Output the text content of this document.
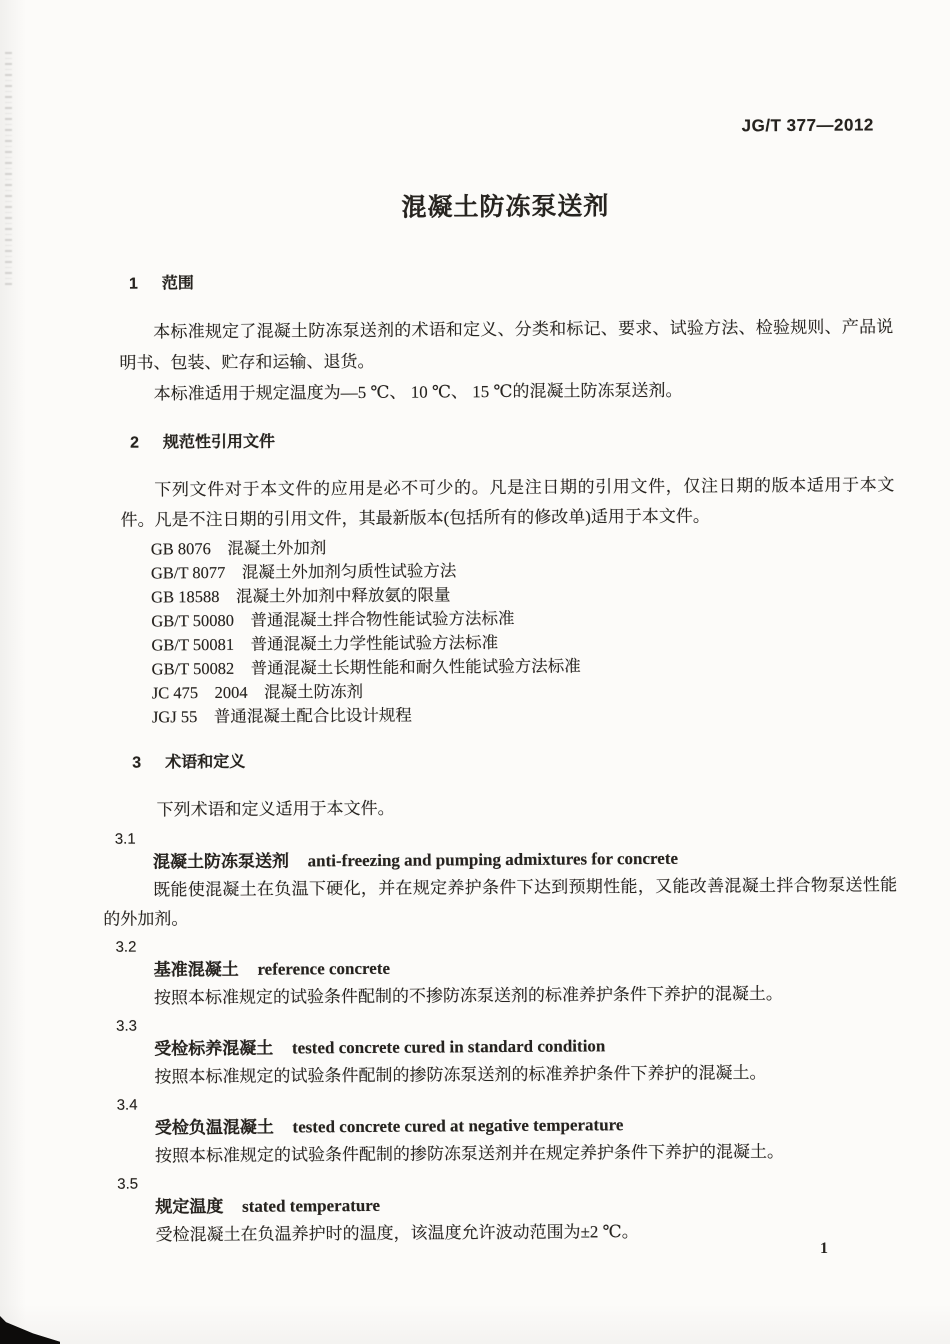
JG/T 377—2012
混凝土防冻泵送剂
1 范围

本标准规定了混凝土防冻泵送剂的术语和定义、分类和标记、要求、试验方法、检验规则、产品说明书、包装、贮存和运输、退货。

本标准适用于规定温度为—5 ℃、 10 ℃、 15 ℃的混凝土防冻泵送剂。

2 规范性引用文件

下列文件对于本文件的应用是必不可少的。凡是注日期的引用文件，仅注日期的版本适用于本文件。凡是不注日期的引用文件，其最新版本(包括所有的修改单)适用于本文件。

GB 8076　混凝土外加剂
GB/T 8077　混凝土外加剂匀质性试验方法
GB 18588　混凝土外加剂中释放氨的限量
GB/T 50080　普通混凝土拌合物性能试验方法标准
GB/T 50081　普通混凝土力学性能试验方法标准
GB/T 50082　普通混凝土长期性能和耐久性能试验方法标准
JC 475　2004　混凝土防冻剂
JGJ 55　普通混凝土配合比设计规程
3 术语和定义

下列术语和定义适用于本文件。

3.1
混凝土防冻泵送剂 anti-freezing and pumping admixtures for concrete

既能使混凝土在负温下硬化，并在规定养护条件下达到预期性能，又能改善混凝土拌合物泵送性能的外加剂。

3.2
基准混凝土 reference concrete

按照本标准规定的试验条件配制的不掺防冻泵送剂的标准养护条件下养护的混凝土。

3.3
受检标养混凝土 tested concrete cured in standard condition

按照本标准规定的试验条件配制的掺防冻泵送剂的标准养护条件下养护的混凝土。

3.4
受检负温混凝土 tested concrete cured at negative temperature

按照本标准规定的试验条件配制的掺防冻泵送剂并在规定养护条件下养护的混凝土。

3.5
规定温度 stated temperature

受检混凝土在负温养护时的温度，该温度允许波动范围为±2 ℃。

1
